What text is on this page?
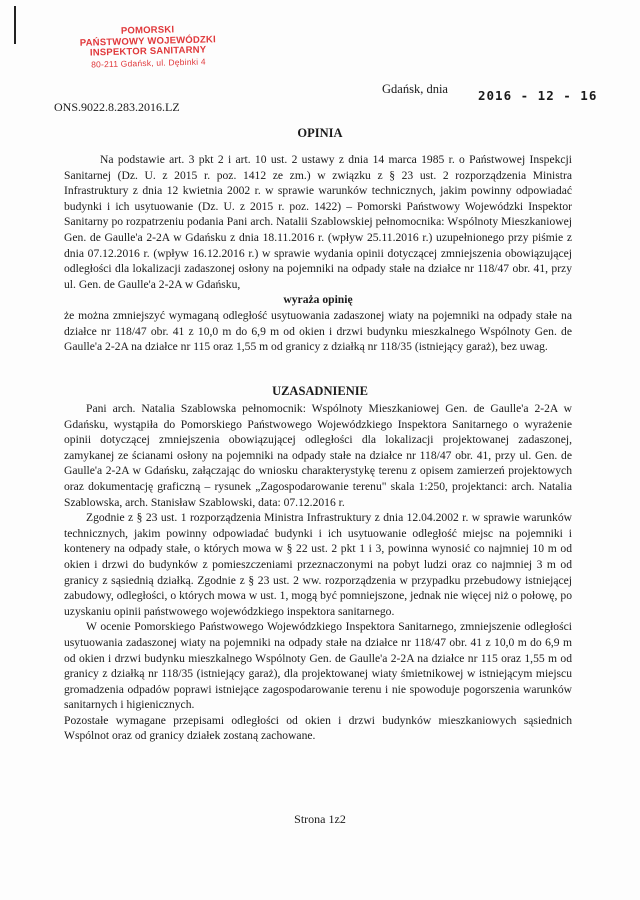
POMORSKI
PAŃSTWOWY WOJEWÓDZKI
INSPEKTOR SANITARNY
80-211 Gdańsk, ul. Dębinki 4
Gdańsk, dnia 2016 - 12 - 16
ONS.9022.8.283.2016.LZ
OPINIA

Na podstawie art. 3 pkt 2 i art. 10 ust. 2 ustawy z dnia 14 marca 1985 r. o Państwowej Inspekcji Sanitarnej (Dz. U. z 2015 r. poz. 1412 ze zm.) w związku z § 23 ust. 2 rozporządzenia Ministra Infrastruktury z dnia 12 kwietnia 2002 r. w sprawie warunków technicznych, jakim powinny odpowiadać budynki i ich usytuowanie (Dz. U. z 2015 r. poz. 1422) – Pomorski Państwowy Wojewódzki Inspektor Sanitarny po rozpatrzeniu podania Pani arch. Natalii Szablowskiej pełnomocnika: Wspólnoty Mieszkaniowej Gen. de Gaulle'a 2-2A w Gdańsku z dnia 18.11.2016 r. (wpływ 25.11.2016 r.) uzupełnionego przy piśmie z dnia 07.12.2016 r. (wpływ 16.12.2016 r.) w sprawie wydania opinii dotyczącej zmniejszenia obowiązującej odległości dla lokalizacji zadaszonej osłony na pojemniki na odpady stałe na działce nr 118/47 obr. 41, przy ul. Gen. de Gaulle'a 2-2A w Gdańsku,

wyraża opinię

że można zmniejszyć wymaganą odległość usytuowania zadaszonej wiaty na pojemniki na odpady stałe na działce nr 118/47 obr. 41 z 10,0 m do 6,9 m od okien i drzwi budynku mieszkalnego Wspólnoty Gen. de Gaulle'a 2-2A na działce nr 115 oraz 1,55 m od granicy z działką nr 118/35 (istniejący garaż), bez uwag.

UZASADNIENIE

Pani arch. Natalia Szablowska pełnomocnik: Wspólnoty Mieszkaniowej Gen. de Gaulle'a 2-2A w Gdańsku, wystąpiła do Pomorskiego Państwowego Wojewódzkiego Inspektora Sanitarnego o wyrażenie opinii dotyczącej zmniejszenia obowiązującej odległości dla lokalizacji projektowanej zadaszonej, zamykanej ze ścianami osłony na pojemniki na odpady stałe na działce nr 118/47 obr. 41, przy ul. Gen. de Gaulle'a 2-2A w Gdańsku, załączając do wniosku charakterystykę terenu z opisem zamierzeń projektowych oraz dokumentację graficzną – rysunek „Zagospodarowanie terenu" skala 1:250, projektanci: arch. Natalia Szablowska, arch. Stanisław Szablowski, data: 07.12.2016 r.

Zgodnie z § 23 ust. 1 rozporządzenia Ministra Infrastruktury z dnia 12.04.2002 r. w sprawie warunków technicznych, jakim powinny odpowiadać budynki i ich usytuowanie odległość miejsc na pojemniki i kontenery na odpady stałe, o których mowa w § 22 ust. 2 pkt 1 i 3, powinna wynosić co najmniej 10 m od okien i drzwi do budynków z pomieszczeniami przeznaczonymi na pobyt ludzi oraz co najmniej 3 m od granicy z sąsiednią działką. Zgodnie z § 23 ust. 2 ww. rozporządzenia w przypadku przebudowy istniejącej zabudowy, odległości, o których mowa w ust. 1, mogą być pomniejszone, jednak nie więcej niż o połowę, po uzyskaniu opinii państwowego wojewódzkiego inspektora sanitarnego.

W ocenie Pomorskiego Państwowego Wojewódzkiego Inspektora Sanitarnego, zmniejszenie odległości usytuowania zadaszonej wiaty na pojemniki na odpady stałe na działce nr 118/47 obr. 41 z 10,0 m do 6,9 m od okien i drzwi budynku mieszkalnego Wspólnoty Gen. de Gaulle'a 2-2A na działce nr 115 oraz 1,55 m od granicy z działką nr 118/35 (istniejący garaż), dla projektowanej wiaty śmietnikowej w istniejącym miejscu gromadzenia odpadów poprawi istniejące zagospodarowanie terenu i nie spowoduje pogorszenia warunków sanitarnych i higienicznych.

Pozostałe wymagane przepisami odległości od okien i drzwi budynków mieszkaniowych sąsiednich Wspólnot oraz od granicy działek zostaną zachowane.

Strona 1z2
